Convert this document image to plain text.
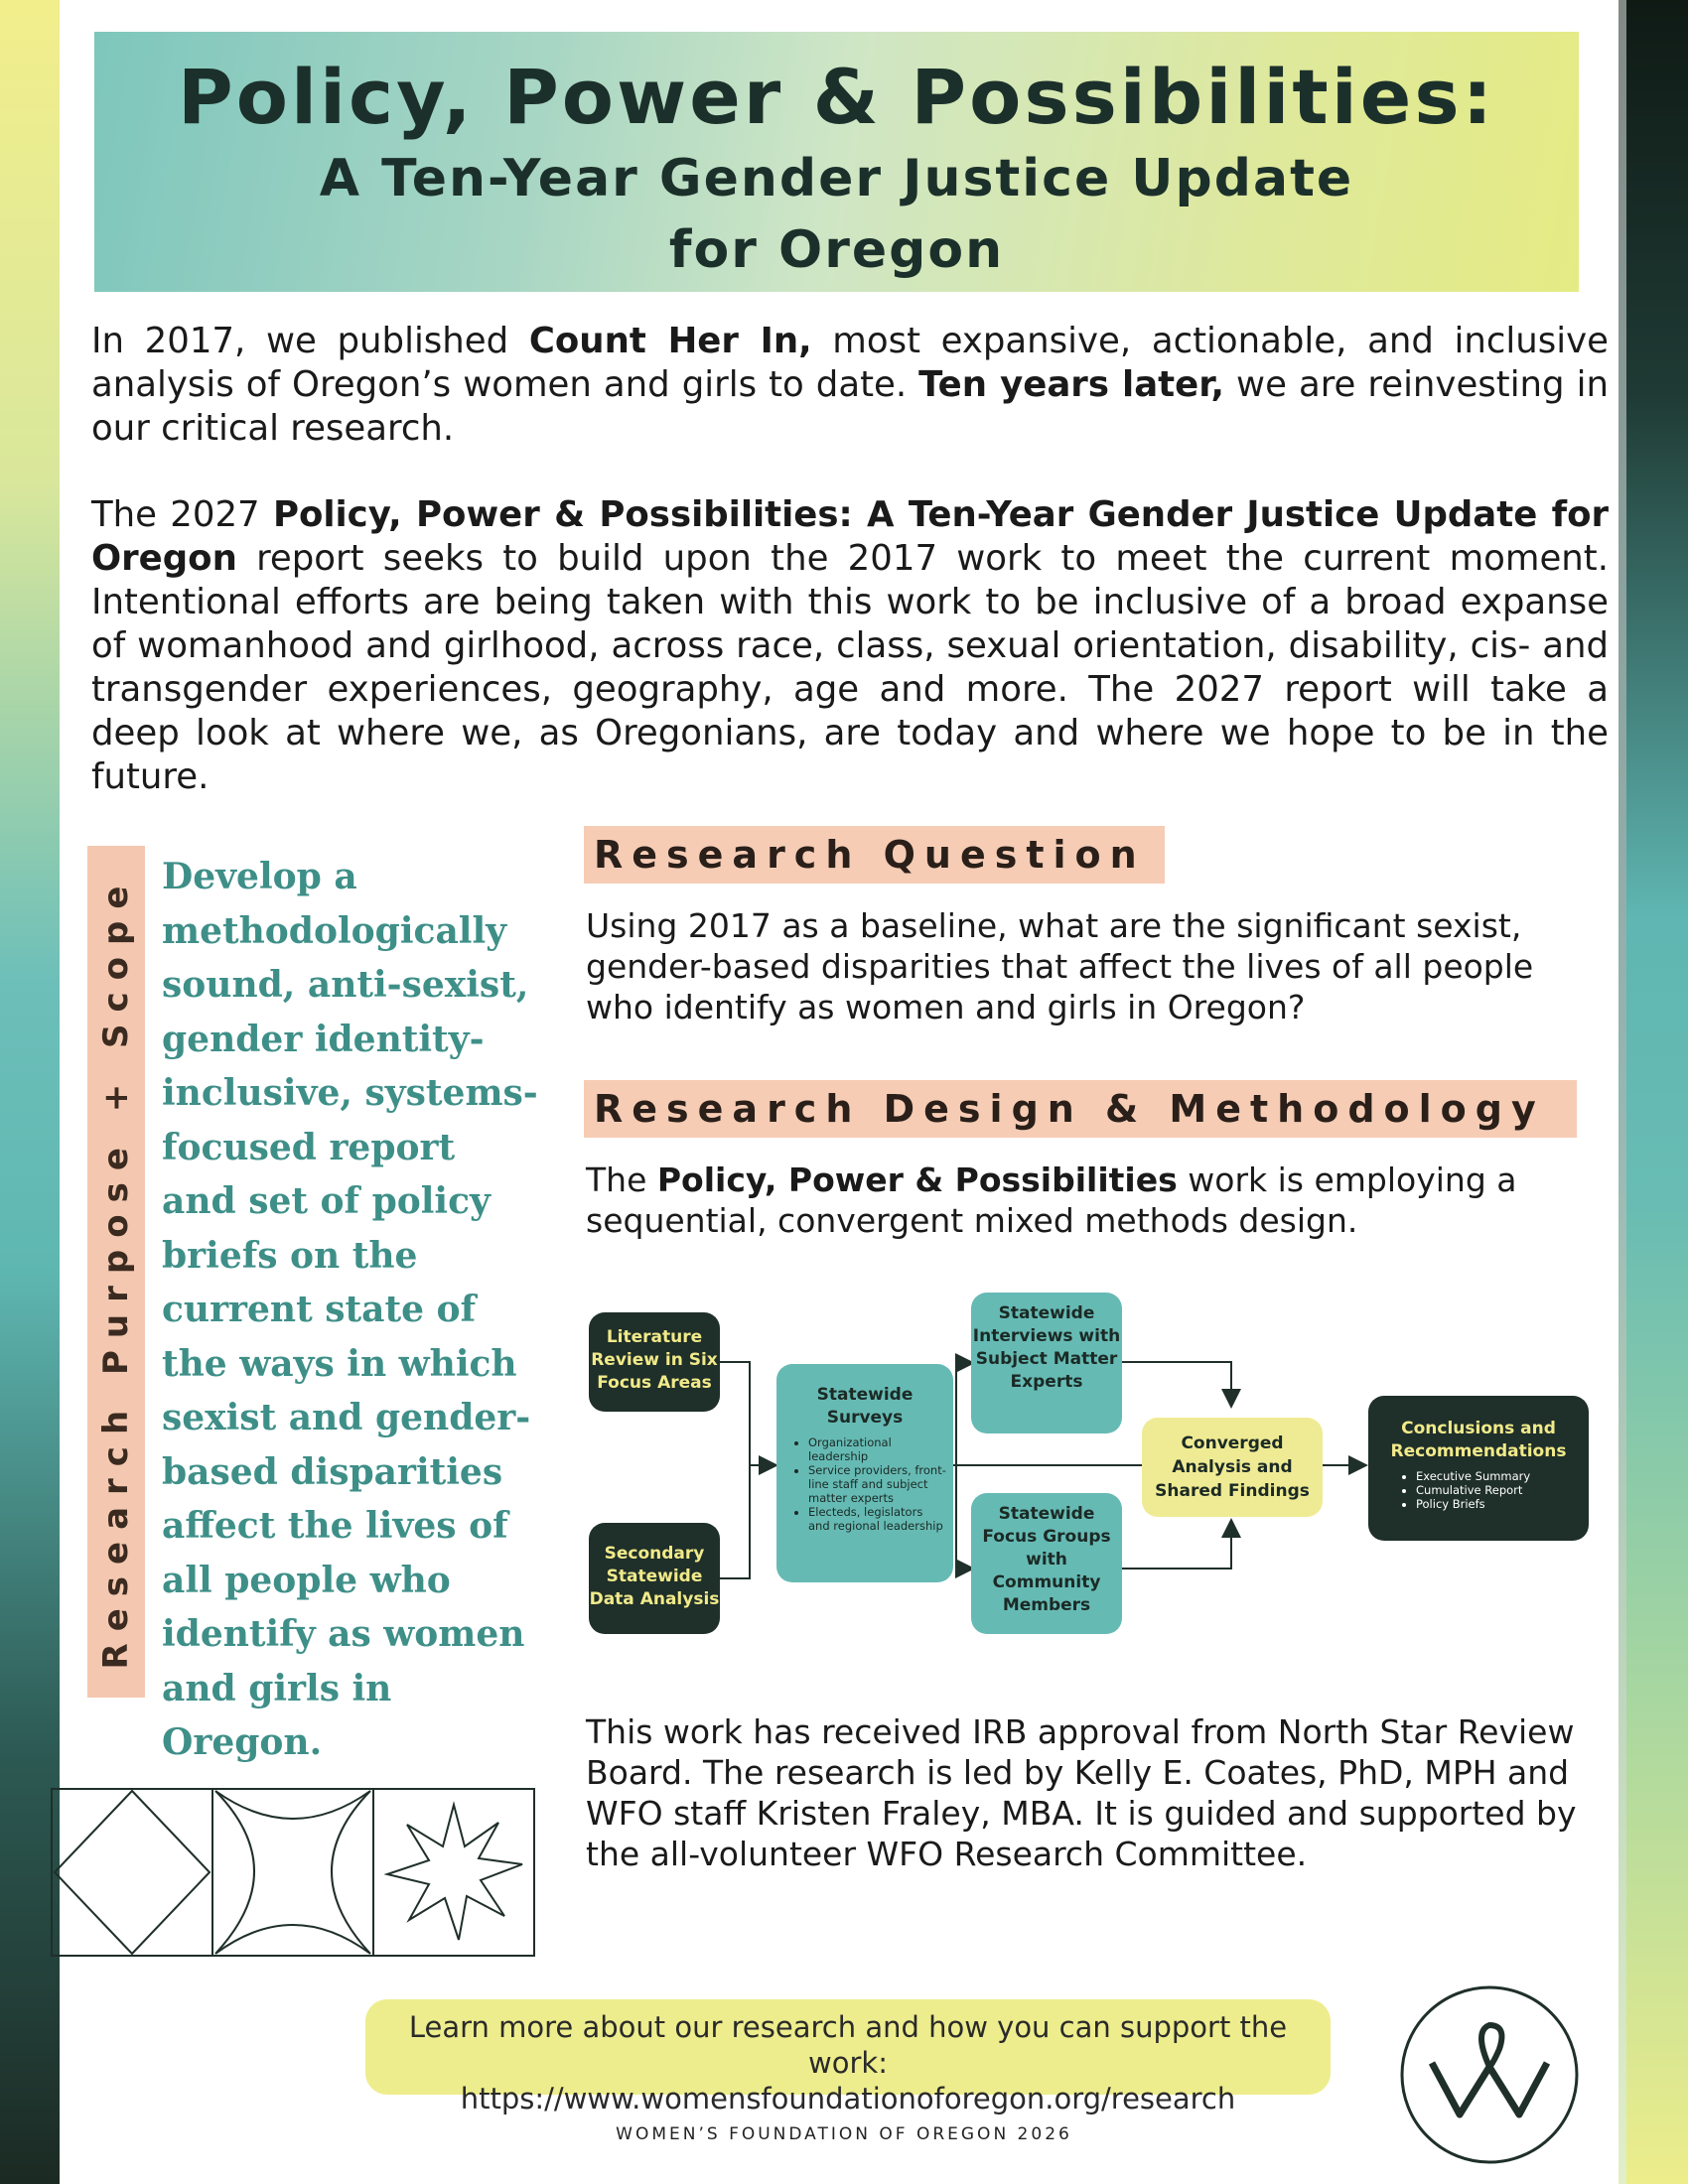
Policy, Power & Possibilities:
A Ten-Year Gender Justice Update
for Oregon
In 2017, we published Count Her In, most expansive, actionable, and inclusive analysis of Oregon’s women and girls to date. Ten years later, we are reinvesting in our critical research.
The 2027 Policy, Power & Possibilities: A Ten-Year Gender Justice Update for Oregon report seeks to build upon the 2017 work to meet the current moment. Intentional efforts are being taken with this work to be inclusive of a broad expanse of womanhood and girlhood, across race, class, sexual orientation, disability, cis- and transgender experiences, geography, age and more. The 2027 report will take a deep look at where we, as Oregonians, are today and where we hope to be in the future.
Research Purpose + Scope Develop a methodologically sound, anti-sexist, gender identity-inclusive, systems-focused report and set of policy briefs on the current state of the ways in which sexist and gender-based disparities affect the lives of all people who identify as women and girls in Oregon.
Research Question
Using 2017 as a baseline, what are the significant sexist, gender-based disparities that affect the lives of all people who identify as women and girls in Oregon?
Research Design & Methodology
The Policy, Power & Possibilities work is employing a sequential, convergent mixed methods design.
Literature Review in Six Focus Areas
Secondary Statewide Data Analysis
Statewide Surveys
• Organizational leadership
• Service providers, front-line staff and subject matter experts
• Electeds, legislators and regional leadership
Statewide Interviews with Subject Matter Experts
Statewide Focus Groups with Community Members
Converged Analysis and Shared Findings
Conclusions and Recommendations
• Executive Summary
• Cumulative Report
• Policy Briefs
This work has received IRB approval from North Star Review Board. The research is led by Kelly E. Coates, PhD, MPH and WFO staff Kristen Fraley, MBA. It is guided and supported by the all-volunteer WFO Research Committee.
Learn more about our research and how you can support the work:
https://www.womensfoundationoforegon.org/research
WOMEN’S FOUNDATION OF OREGON 2026
